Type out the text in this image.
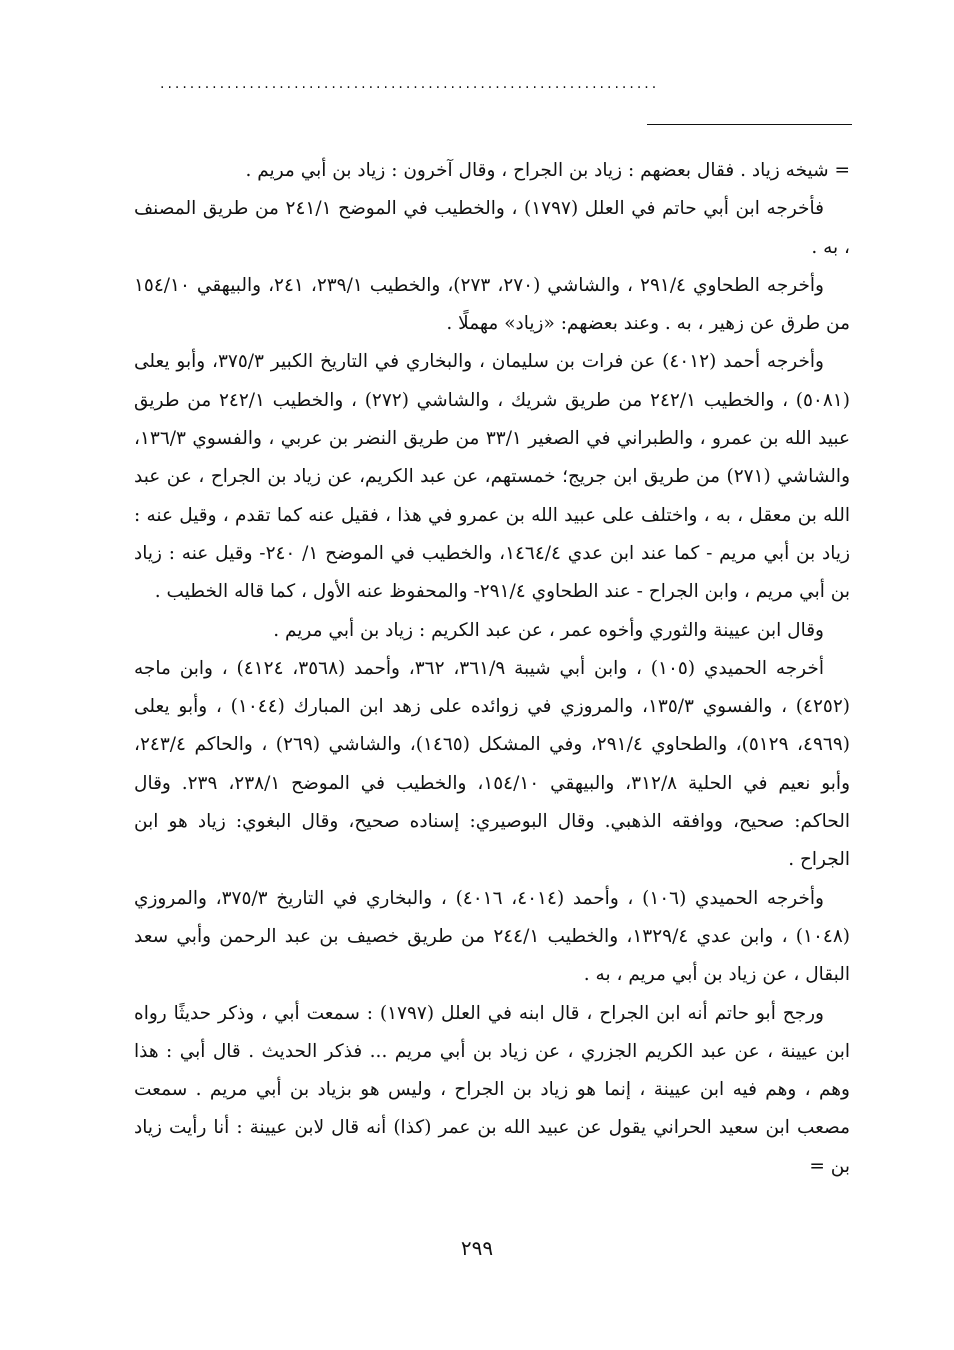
...................................................................

= شيخه زياد . فقال بعضهم : زياد بن الجراح ، وقال آخرون : زياد بن أبي مريم .

فأخرجه ابن أبي حاتم في العلل (١٧٩٧) ، والخطيب في الموضح ٢٤١/١ من طريق المصنف ، به .

وأخرجه الطحاوي ٢٩١/٤ ، والشاشي (٢٧٠، ٢٧٣)، والخطيب ٢٣٩/١، ٢٤١، والبيهقي ١٥٤/١٠ من طرق عن زهير ، به . وعند بعضهم: «زياد» مهملًا .

وأخرجه أحمد (٤٠١٢) عن فرات بن سليمان ، والبخاري في التاريخ الكبير ٣٧٥/٣، وأبو يعلى (٥٠٨١) ، والخطيب ٢٤٢/١ من طريق شريك ، والشاشي (٢٧٢) ، والخطيب ٢٤٢/١ من طريق عبيد الله بن عمرو ، والطبراني في الصغير ٣٣/١ من طريق النضر بن عربي ، والفسوي ١٣٦/٣، والشاشي (٢٧١) من طريق ابن جريج؛ خمستهم، عن عبد الكريم، عن زياد بن الجراح ، عن عبد الله بن معقل ، به ، واختلف على عبيد الله بن عمرو في هذا ، فقيل عنه كما تقدم ، وقيل عنه : زياد بن أبي مريم - كما عند ابن عدي ١٤٦٤/٤، والخطيب في الموضح ١/ ٢٤٠- وقيل عنه : زياد بن أبي مريم ، وابن الجراح - عند الطحاوي ٢٩١/٤- والمحفوظ عنه الأول ، كما قاله الخطيب .

وقال ابن عيينة والثوري وأخوه عمر ، عن عبد الكريم : زياد بن أبي مريم .

أخرجه الحميدي (١٠٥) ، وابن أبي شيبة ٣٦١/٩، ٣٦٢، وأحمد (٣٥٦٨، ٤١٢٤) ، وابن ماجه (٤٢٥٢) ، والفسوي ١٣٥/٣، والمروزي في زوائده على زهد ابن المبارك (١٠٤٤) ، وأبو يعلى (٤٩٦٩، ٥١٢٩)، والطحاوي ٢٩١/٤، وفي المشكل (١٤٦٥)، والشاشي (٢٦٩) ، والحاكم ٢٤٣/٤، وأبو نعيم في الحلية ٣١٢/٨، والبيهقي ١٥٤/١٠، والخطيب في الموضح ٢٣٨/١، ٢٣٩. وقال الحاكم: صحيح، ووافقه الذهبي. وقال البوصيري: إسناده صحيح، وقال البغوي: زياد هو ابن الجراح .

وأخرجه الحميدي (١٠٦) ، وأحمد (٤٠١٤، ٤٠١٦) ، والبخاري في التاريخ ٣٧٥/٣، والمروزي (١٠٤٨) ، وابن عدي ١٣٢٩/٤، والخطيب ٢٤٤/١ من طريق خصيف بن عبد الرحمن وأبي سعد البقال ، عن زياد بن أبي مريم ، به .

ورجح أبو حاتم أنه ابن الجراح ، قال ابنه في العلل (١٧٩٧) : سمعت أبي ، وذكر حديثًا رواه ابن عيينة ، عن عبد الكريم الجزري ، عن زياد بن أبي مريم ... فذكر الحديث . قال أبي : هذا وهم ، وهم فيه ابن عيينة ، إنما هو زياد بن الجراح ، وليس هو بزياد بن أبي مريم . سمعت مصعب ابن سعيد الحراني يقول عن عبيد الله بن عمر (كذا) أنه قال لابن عيينة : أنا رأيت زياد بن =

٢٩٩
